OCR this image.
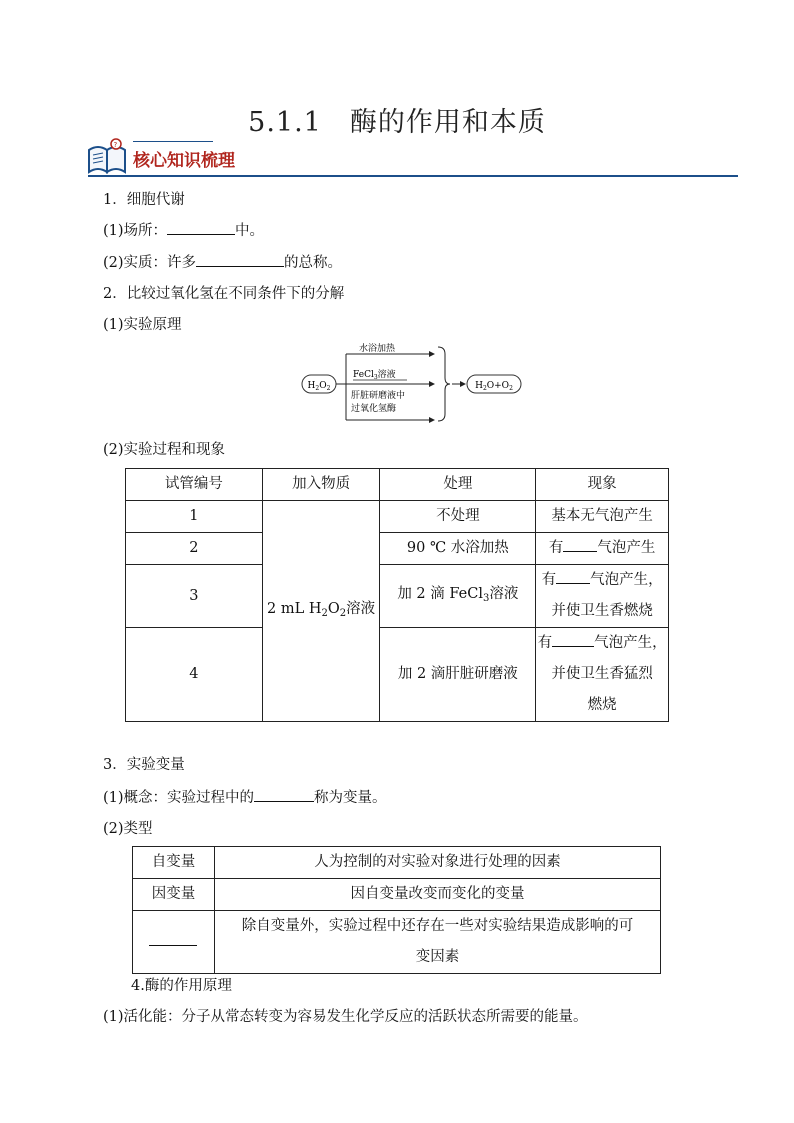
5.1.1 酶的作用和本质
?
核心知识梳理
1．细胞代谢
(1)场所：	中。
(2)实质：许多	的总称。
2．比较过氧化氢在不同条件下的分解
(1)实验原理
$H_2O_2$
水浴加热
FeCl$_3$溶液
肝脏研磨液中
过氧化氢酶
$H_2O+O_2$
(2)实验过程和现象
试管编号	加入物质	处理	现象
1	2 mL $H_2O_2$溶液	不处理	基本无气泡产生
2		90 ℃ 水浴加热	有 气泡产生
3		加 2 滴 FeCl$_3$溶液	有 气泡产生，
并使卫生香燃烧

4		加 2 滴肝脏研磨液	有 气泡产生，
并使卫生香猛烈
燃烧
3．实验变量
(1)概念：实验过程中的	称为变量。
(2)类型
自变量	人为控制的对实验对象进行处理的因素
因变量	因自变量改变而变化的变量

	除自变量外，实验过程中还存在一些对实验结果造成影响的可
变因素
4.酶的作用原理
(1)活化能：分子从常态转变为容易发生化学反应的活跃状态所需要的能量。
